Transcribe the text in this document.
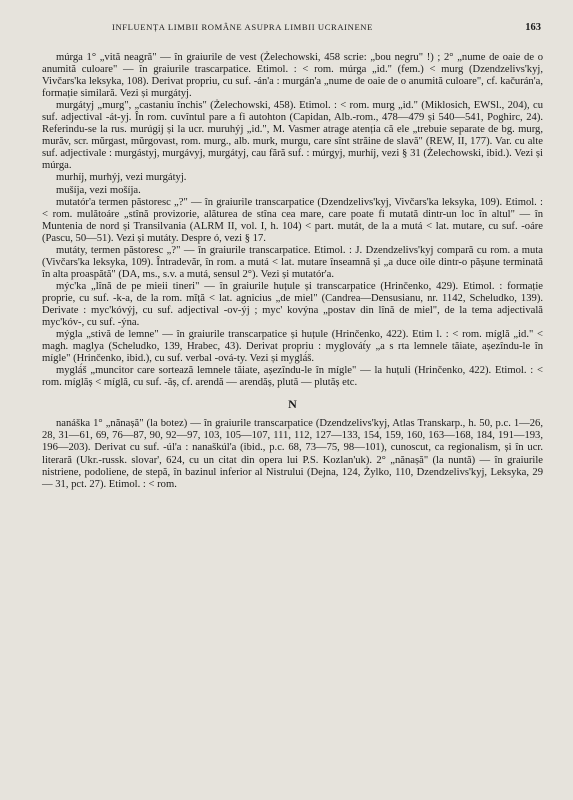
INFLUENȚA LIMBII ROMÂNE ASUPRA LIMBII UCRAINENE	163

múrga 1° „vită neagră" — în graiurile de vest (Żelechowski, 458 scrie: „bou negru" !) ; 2° „nume de oaie de o anumită culoare" — în graiurile trascarpatice. Etimol. : < rom. múrga „id." (fem.) < murg (Dzendzelivs'kyj, Vivčars'ka leksyka, 108). Derivat propriu, cu suf. -án'a : murgán'a „nume de oaie de o anumită culoare", cf. kačurán'a, formație similară. Vezi și murgátyj.

murgátyj „murg", „castaniu închis" (Żelechowski, 458). Etimol. : < rom. murg „id." (Miklosich, EWSl., 204), cu suf. adjectival -át-yj. În rom. cuvîntul pare a fi autohton (Capidan, Alb.-rom., 478—479 și 540—541, Poghirc, 24). Referindu-se la rus. murúgij și la ucr. muruhýj „id.", M. Vasmer atrage atenția că ele „trebuie separate de bg. murg, murăv, scr. mŭrgast, mŭrgovast, rom. murg., alb. murk, murgu, care sînt străine de slavă" (REW, II, 177). Var. cu alte suf. adjectivale : murgástyj, murgávyj, murgátyj, cau fără suf. : múrgyj, murhíj, vezi § 31 (Żelechowski, ibid.). Vezi și múrga.

murhíj, murhýj, vezi murgátyj.

mušíja, vezi mošíja.

mutatór'a termen păstoresc „?" — în graiurile transcarpatice (Dzendzelivs'kyj, Vivčars'ka leksyka, 109). Etimol. : < rom. mulătoáre „stînă provizorie, alăturea de stîna cea mare, care poate fi mutată dintr-un loc în altul" — în Muntenia de nord și Transilvania (ALRM II, vol. I, h. 104) < part. mutát, de la a mutá < lat. mutare, cu suf. -oáre (Pascu, 50—51). Vezi și mutáty. Despre ó, vezi § 17.

mutáty, termen păstoresc „?" — în graiurile transcarpatice. Etimol. : J. Dzendzelivs'kyj compară cu rom. a muta (Vivčars'ka leksyka, 109). Întradevăr, în rom. a mutá < lat. mutare înseamnă și „a duce oile dintr-o pășune terminată în alta proaspătă" (DA, ms., s.v. a mutá, sensul 2°). Vezi și mutatór'a.

mýc'ka „lînă de pe mieii tineri" — în graiurile huțule și transcarpatice (Hrinčenko, 429). Etimol. : formație proprie, cu suf. -k-a, de la rom. mĭță < lat. agnicius „de miel" (Candrea—Densusianu, nr. 1142, Scheludko, 139). Derivate : myc'kóvýj, cu suf. adjectival -ov-ýj ; myc' kovýna „postav din lînă de miel", de la tema adjectivală myc'kóv-, cu suf. -ýna.

mýgla „stivă de lemne" — în graiurile transcarpatice și huțule (Hrinčenko, 422). Etim l. : < rom. míglă „id." < magh. maglya (Scheludko, 139, Hrabec, 43). Derivat propriu : myglovát́y „a s rta lemnele tăiate, așezîndu-le în mígle" (Hrinčenko, ibid.), cu suf. verbal -ová-ty. Vezi și myglá́š.

myglá́š „muncitor care sortează lemnele tăiate, așezîndu-le în mígle" — la huțuli (Hrinčenko, 422). Etimol. : < rom. míglăș < míglă, cu suf. -ăș, cf. arendă — arendăș, plută — plutăș etc.

N

nanáška 1° „nănașă" (la botez) — în graiurile transcarpatice (Dzendzelivs'kyj, Atlas Transkarp., h. 50, p.c. 1—26, 28, 31—61, 69, 76—87, 90, 92—97, 103, 105—107, 111, 112, 127—133, 154, 159, 160, 163—168, 184, 191—193, 196—203). Derivat cu suf. -úl'a : nanaškúl'a (ibid., p.c. 68, 73—75, 98—101), cunoscut, ca regionalism, și în ucr. literară (Ukr.-russk. slovar', 624, cu un citat din opera lui P.S. Kozlan'uk). 2° „nănașă" (la nuntă) — în graiurile nistriene, podoliene, de stepă, în bazinul inferior al Nistrului (Dejna, 124, Żylko, 110, Dzendzelivs'kyj, Leksyka, 29 — 31, pct. 27). Etimol. : < rom.
